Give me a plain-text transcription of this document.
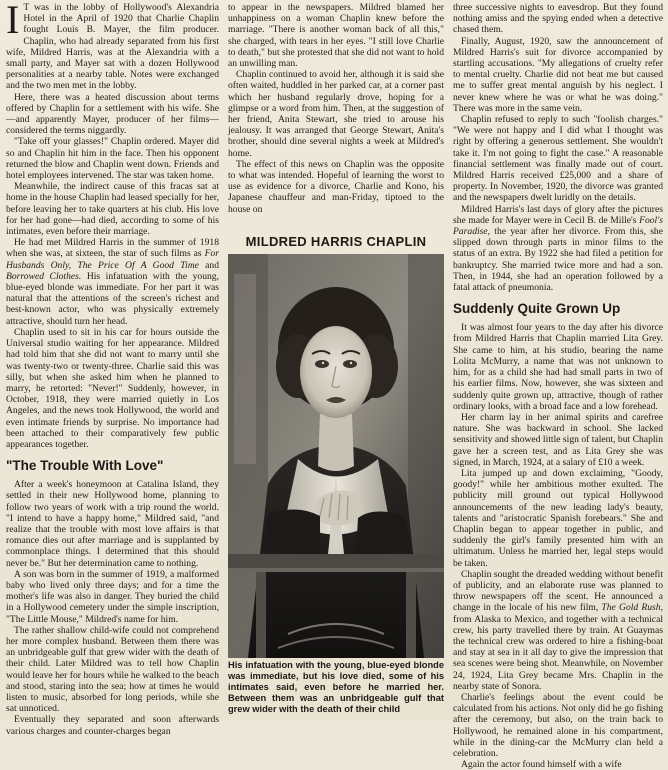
I T was in the lobby of Hollywood's Alexandria Hotel in the April of 1920 that Charlie Chaplin fought Louis B. Mayer, the film producer. Chaplin, who had already separated from his first wife, Mildred Harris, was at the Alexandria with a small party, and Mayer sat with a dozen Hollywood personalities at a nearby table. Notes were exchanged and the two men met in the lobby.

Here, there was a heated discussion about terms offered by Chaplin for a settlement with his wife. She—and apparently Mayer, producer of her films—considered the terms niggardly.

"Take off your glasses!" Chaplin ordered. Mayer did so and Chaplin hit him in the face. Then his opponent returned the blow and Chaplin went down. Friends and hotel employees intervened. The star was taken home.

Meanwhile, the indirect cause of this fracas sat at home in the house Chaplin had leased specially for her, before leaving her to take quarters at his club. His love for her had gone—had died, according to some of his intimates, even before their marriage.

He had met Mildred Harris in the summer of 1918 when she was, at sixteen, the star of such films as For Husbands Only, The Price Of A Good Time and Borrowed Clothes. His infatuation with the young, blue-eyed blonde was immediate. For her part it was natural that the attentions of the screen's richest and best-known actor, who was physically extremely attractive, should turn her head.

Chaplin used to sit in his car for hours outside the Universal studio waiting for her appearance. Mildred had told him that she did not want to marry until she was twenty-two or twenty-three. Charlie said this was silly, but when she asked him when he planned to marry, he retorted: "Never!" Suddenly, however, in October, 1918, they were married quietly in Los Angeles, and the news took Hollywood, the world and even intimate friends by surprise. No importance had been attached to their comparatively few public appearances together.

"The Trouble With Love"

After a week's honeymoon at Catalina Island, they settled in their new Hollywood home, planning to follow two years of work with a trip round the world. "I intend to have a happy home," Mildred said, "and realize that the trouble with most love affairs is that romance dies out after marriage and is supplanted by commonplace things. I determined that this should never be." But her determination came to nothing.

A son was born in the summer of 1919, a malformed baby who lived only three days; and for a time the mother's life was also in danger. They buried the child in a Hollywood cemetery under the simple inscription, "The Little Mouse," Mildred's name for him.

The rather shallow child-wife could not comprehend her more complex husband. Between them there was an unbridgeable gulf that grew wider with the death of their child. Later Mildred was to tell how Chaplin would leave her for hours while he walked to the beach and stood, staring into the sea; how at times he would listen to music, absorbed for long periods, while she sat unnoticed.

Eventually they separated and soon afterwards various charges and counter-charges began

to appear in the newspapers. Mildred blamed her unhappiness on a woman Chaplin knew before the marriage. "There is another woman back of all this," she charged, with tears in her eyes. "I still love Charlie to death," but she protested that she did not want to hold an unwilling man.

Chaplin continued to avoid her, although it is said she often waited, huddled in her parked car, at a corner past which her husband regularly drove, hoping for a glimpse or a word from him. Then, at the suggestion of her friend, Anita Stewart, she tried to arouse his jealousy. It was arranged that George Stewart, Anita's brother, should dine several nights a week at Mildred's home.

The effect of this news on Chaplin was the opposite to what was intended. Hopeful of learning the worst to use as evidence for a divorce, Charlie and Kono, his Japanese chauffeur and man-Friday, tiptoed to the house on

MILDRED HARRIS CHAPLIN
His infatuation with the young, blue-eyed blonde was immediate, but his love died, some of his intimates said, even before he married her. Between them was an unbridgeable gulf that grew wider with the death of their child

three successive nights to eavesdrop. But they found nothing amiss and the spying ended when a detective chased them.

Finally, August, 1920, saw the announcement of Mildred Harris's suit for divorce accompanied by startling accusations. "My allegations of cruelty refer to mental cruelty. Charlie did not beat me but caused me to suffer great mental anguish by his neglect. I never knew where he was or what he was doing." There was more in the same vein.

Chaplin refused to reply to such "foolish charges." "We were not happy and I did what I thought was right by offering a generous settlement. She wouldn't take it. I'm not going to fight the case." A reasonable financial settlement was finally made out of court. Mildred Harris received £25,000 and a share of property. In November, 1920, the divorce was granted and the newspapers dwelt luridly on the details.

Mildred Harris's last days of glory after the pictures she made for Mayer were in Cecil B. de Mille's Fool's Paradise, the year after her divorce. From this, she slipped down through parts in minor films to the status of an extra. By 1922 she had filed a petition for bankruptcy. She married twice more and had a son. Then, in 1944, she had an operation followed by a fatal attack of pneumonia.

Suddenly Quite Grown Up

It was almost four years to the day after his divorce from Mildred Harris that Chaplin married Lita Grey. She came to him, at his studio, bearing the name Lolita McMurry, a name that was not unknown to him, for as a child she had had small parts in two of his earlier films. Now, however, she was sixteen and suddenly quite grown up, attractive, though of rather ordinary looks, with a broad face and a low forehead.

Her charm lay in her animal spirits and carefree nature. She was backward in school. She lacked sensitivity and showed little sign of talent, but Chaplin gave her a screen test, and as Lita Grey she was signed, in March, 1924, at a salary of £10 a week.

Lita jumped up and down exclaiming, "Goody, goody!" while her ambitious mother exulted. The publicity mill ground out typical Hollywood announcements of the new leading lady's beauty, talents and "aristocratic Spanish forebears." She and Chaplin began to appear together in public, and suddenly the girl's family presented him with an ultimatum. Unless he married her, legal steps would be taken.

Chaplin sought the dreaded wedding without benefit of publicity, and an elaborate ruse was planned to throw newspapers off the scent. He announced a change in the locale of his new film, The Gold Rush, from Alaska to Mexico, and together with a technical crew, his party travelled there by train. At Guaymas the technical crew was ordered to hire a fishing-boat and stay at sea in it all day to give the impression that sea scenes were being shot. Meanwhile, on November 24, 1924, Lita Grey became Mrs. Chaplin in the nearby state of Sonora.

Charlie's feelings about the event could be calculated from his actions. Not only did he go fishing after the ceremony, but also, on the train back to Hollywood, he remained alone in his compartment, while in the dining-car the McMurry clan held a celebration.

Again the actor found himself with a wife
